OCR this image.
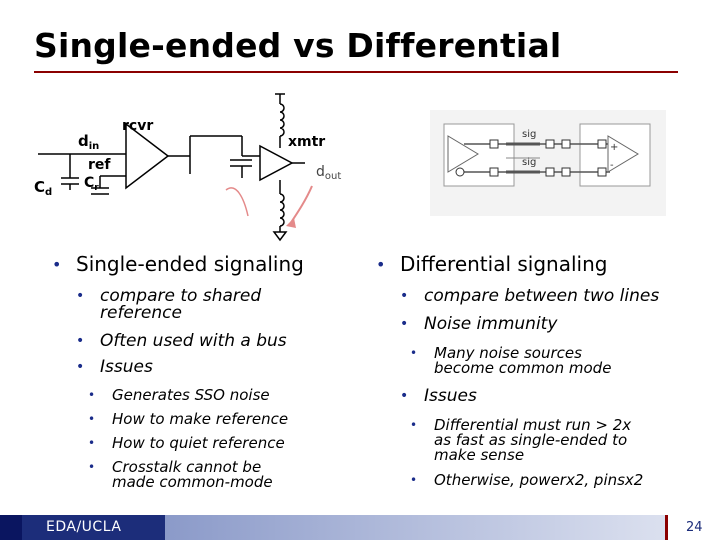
Single-ended vs Differential
rcvr
$d_{in}$
ref
$C_d$
$C_r$
xmtr
$d_{out}$
sig
sig
+
-
• Single-ended signaling
• compare to shared reference
• Often used with a bus
• Issues
• Generates SSO noise
• How to make reference
• How to quiet reference
• Crosstalk cannot be made common-mode
• Differential signaling
• compare between two lines
• Noise immunity
• Many noise sources become common mode
• Issues
• Differential must run > 2x as fast as single-ended to make sense
• Otherwise, powerx2, pinsx2
EDA/UCLA	24
